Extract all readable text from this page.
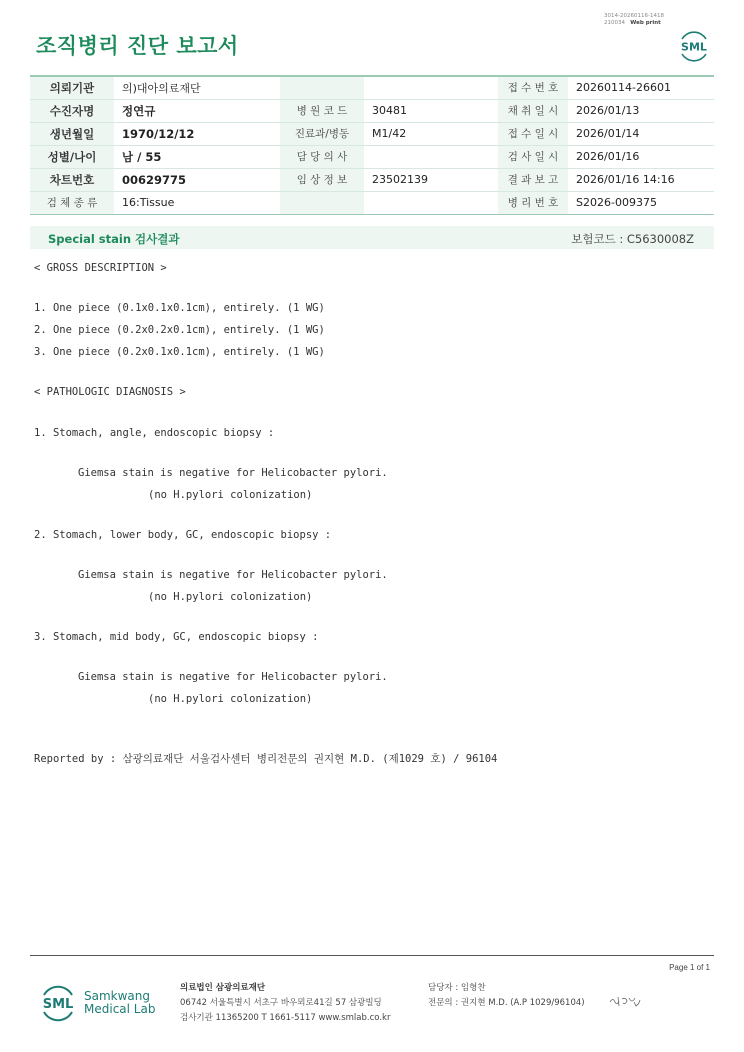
3014-20260116-1418
210034 Web print
조직병리 진단 보고서	SML
의뢰기관	의)대아의료재단			접 수 번 호	20260114-26601
수진자명	정연규	병 원 코 드	30481	채 취 일 시	2026/01/13
생년월일	1970/12/12	진료과/병동	M1/42	접 수 일 시	2026/01/14
성별/나이	남 / 55	담 당 의 사		검 사 일 시	2026/01/16
차트번호	00629775	임 상 정 보	23502139	결 과 보 고	2026/01/16 14:16
검 체 종 류	16:Tissue			병 리 번 호	S2026-009375
Special stain 검사결과	보험코드 : C5630008Z
< GROSS DESCRIPTION >
1. One piece (0.1x0.1x0.1cm), entirely. (1 WG)
2. One piece (0.2x0.2x0.1cm), entirely. (1 WG)
3. One piece (0.2x0.1x0.1cm), entirely. (1 WG)
< PATHOLOGIC DIAGNOSIS >
1. Stomach, angle, endoscopic biopsy :
Giemsa stain is negative for Helicobacter pylori.
(no H.pylori colonization)
2. Stomach, lower body, GC, endoscopic biopsy :
Giemsa stain is negative for Helicobacter pylori.
(no H.pylori colonization)
3. Stomach, mid body, GC, endoscopic biopsy :
Giemsa stain is negative for Helicobacter pylori.
(no H.pylori colonization)
Reported by : 삼광의료재단 서울검사센터 병리전문의 권지현 M.D. (제1029 호) / 96104
Page 1 of 1
SML
Samkwang
Medical Lab
의료법인 삼광의료재단
06742 서울특별시 서초구 바우뫼로41길 57 삼광빌딩
검사기관 11365200 T 1661-5117 www.smlab.co.kr
담당자 : 임형찬
전문의 : 권지현 M.D. (A.P 1029/96104)
